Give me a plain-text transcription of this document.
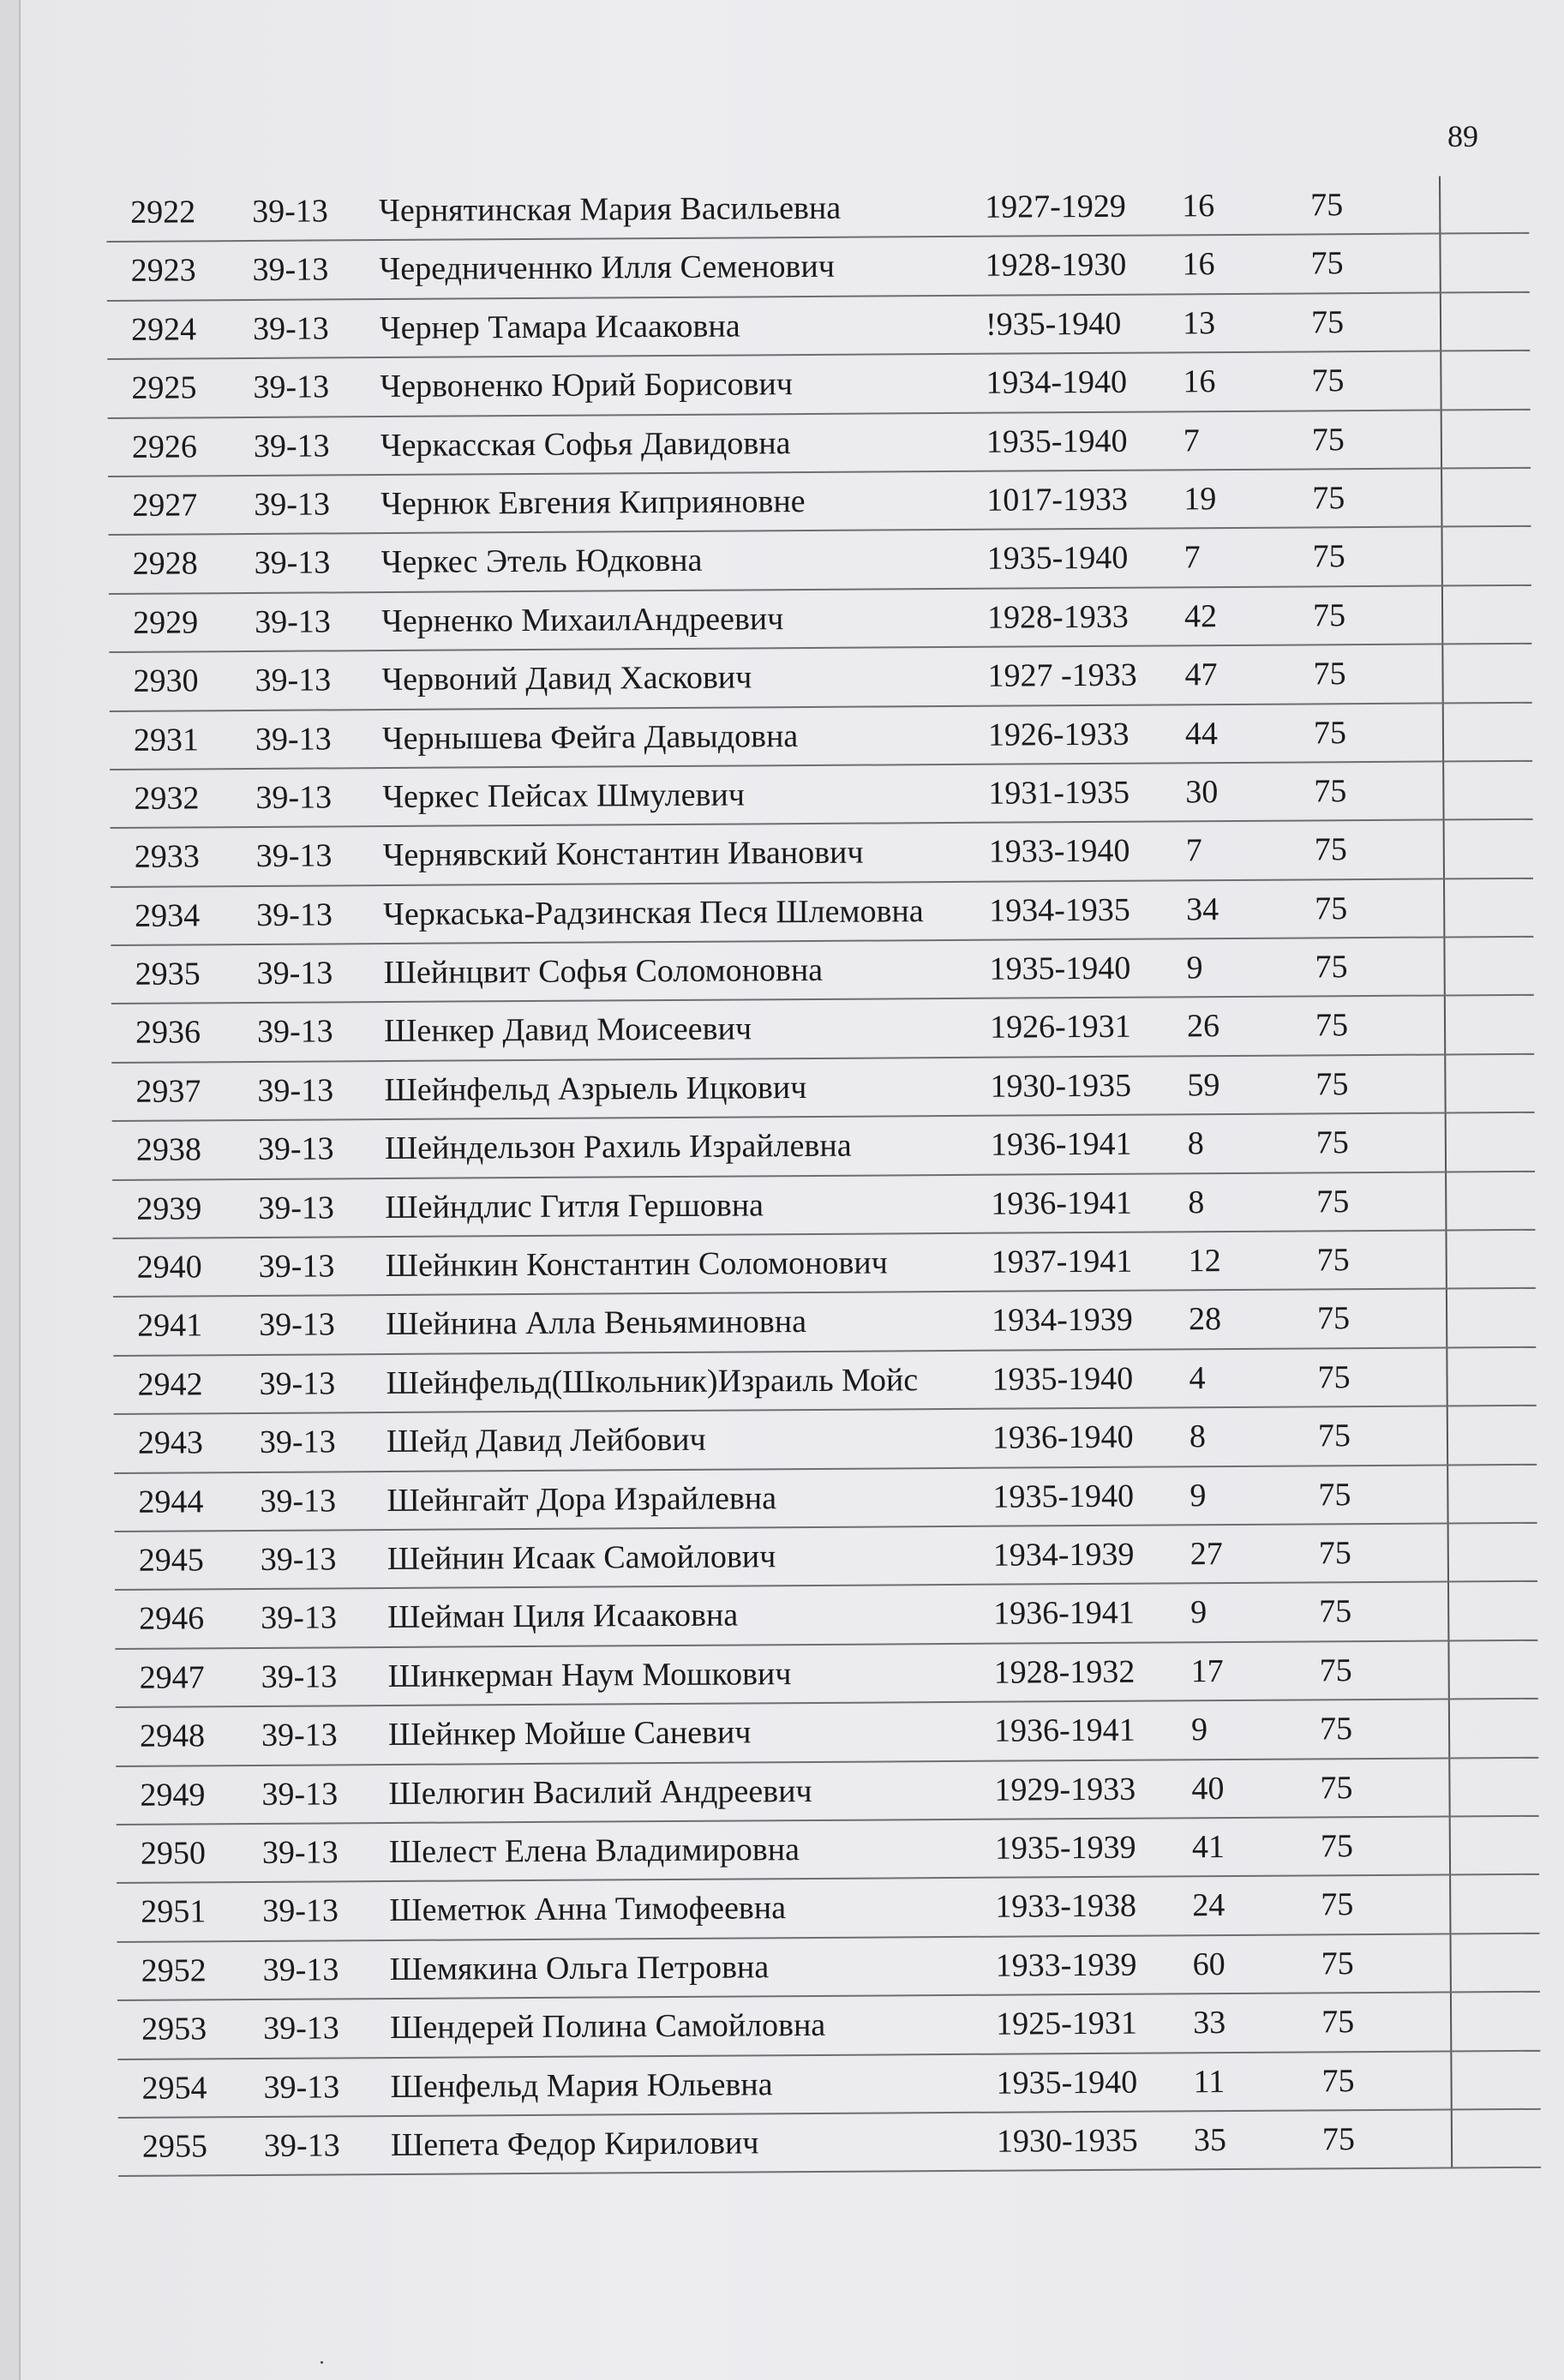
89
2922 39-13 Чернятинская Мария Васильевна	1927-1929 16	75
2923 39-13 Чередниченнко Илля Семенович	1928-1930 16	75
2924 39-13 Чернер Тамара Исааковна	!935-1940 13	75
2925 39-13 Червоненко Юрий Борисович	1934-1940 16	75
2926 39-13 Черкасская Софья Давидовна	1935-1940 7	75
2927 39-13 Чернюк Евгения Киприяновне	1017-1933 19	75
2928 39-13 Черкес Этель Юдковна	1935-1940 7	75
2929 39-13 Черненко МихаилАндреевич	1928-1933 42	75
2930 39-13 Червоний Давид Хаскович	1927 -1933 47	75
2931 39-13 Чернышева Фейга Давыдовна	1926-1933 44	75
2932 39-13 Черкес Пейсах Шмулевич	1931-1935 30	75
2933 39-13 Чернявский Константин Иванович	1933-1940 7	75
2934 39-13 Черкаська-Радзинская Песя Шлемовна 1934-1935 34	75
2935 39-13 Шейнцвит Софья Соломоновна	1935-1940 9	75
2936 39-13 Шенкер Давид Моисеевич	1926-1931 26	75
2937 39-13 Шейнфельд Азрыель Ицкович	1930-1935 59	75
2938 39-13 Шейндельзон Рахиль Израйлевна	1936-1941 8	75
2939 39-13 Шейндлис Гитля Гершовна	1936-1941 8	75
2940 39-13 Шейнкин Константин Соломонович	1937-1941 12	75
2941 39-13 Шейнина Алла Веньяминовна	1934-1939 28	75
2942 39-13 Шейнфельд(Школьник)Израиль Мойс 1935-1940 4	75
2943 39-13 Шейд Давид Лейбович	1936-1940 8	75
2944 39-13 Шейнгайт Дора Израйлевна	1935-1940 9	75
2945 39-13 Шейнин Исаак Самойлович	1934-1939 27	75
2946 39-13 Шейман Циля Исааковна	1936-1941 9	75
2947 39-13 Шинкерман Наум Мошкович	1928-1932 17	75
2948 39-13 Шейнкер Мойше Саневич	1936-1941 9	75
2949 39-13 Шелюгин Василий Андреевич	1929-1933 40	75
2950 39-13 Шелест Елена Владимировна	1935-1939 41	75
2951 39-13 Шеметюк Анна Тимофеевна	1933-1938 24	75
2952 39-13 Шемякина Ольга Петровна	1933-1939 60	75
2953 39-13 Шендерей Полина Самойловна	1925-1931 33	75
2954 39-13 Шенфельд Мария Юльевна	1935-1940 11	75
2955 39-13 Шепета Федор Кирилович	1930-1935 35	75
